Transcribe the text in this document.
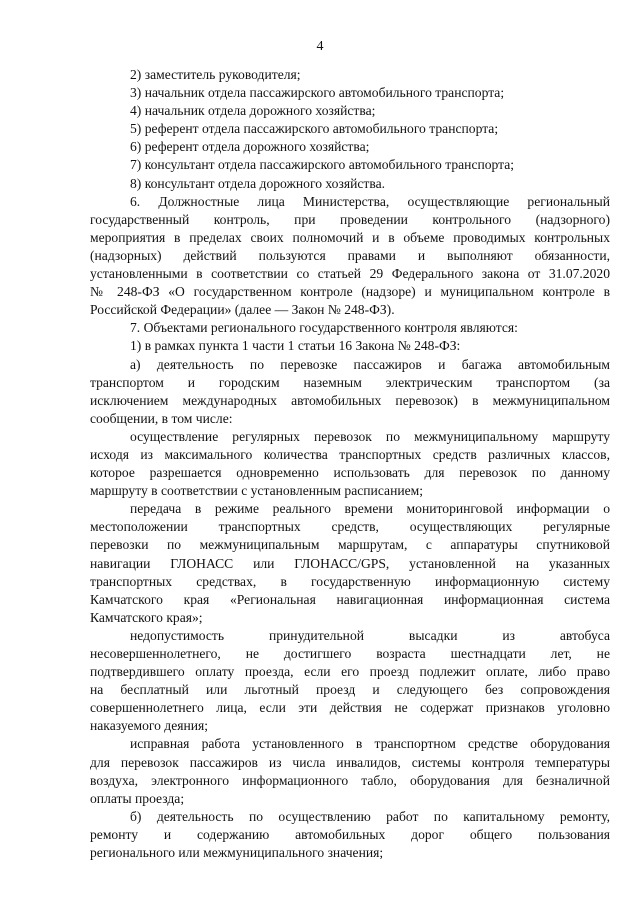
4
2) заместитель руководителя;
3) начальник отдела пассажирского автомобильного транспорта;
4) начальник отдела дорожного хозяйства;
5) референт отдела пассажирского автомобильного транспорта;
6) референт отдела дорожного хозяйства;
7) консультант отдела пассажирского автомобильного транспорта;
8) консультант отдела дорожного хозяйства.
6. Должностные лица Министерства, осуществляющие региональный
государственный контроль, при проведении контрольного (надзорного)
мероприятия в пределах своих полномочий и в объеме проводимых контрольных
(надзорных) действий пользуются правами и выполняют обязанности,
установленными в соответствии со статьей 29 Федерального закона от 31.07.2020
№ 248-ФЗ «О государственном контроле (надзоре) и муниципальном контроле в
Российской Федерации» (далее — Закон № 248-ФЗ).
7. Объектами регионального государственного контроля являются:
1) в рамках пункта 1 части 1 статьи 16 Закона № 248-ФЗ:
а) деятельность по перевозке пассажиров и багажа автомобильным
транспортом и городским наземным электрическим транспортом (за
исключением международных автомобильных перевозок) в межмуниципальном
сообщении, в том числе:
осуществление регулярных перевозок по межмуниципальному маршруту
исходя из максимального количества транспортных средств различных классов,
которое разрешается одновременно использовать для перевозок по данному
маршруту в соответствии с установленным расписанием;
передача в режиме реального времени мониторинговой информации о
местоположении транспортных средств, осуществляющих регулярные
перевозки по межмуниципальным маршрутам, с аппаратуры спутниковой
навигации ГЛОНАСС или ГЛОНАСС/GPS, установленной на указанных
транспортных средствах, в государственную информационную систему
Камчатского края «Региональная навигационная информационная система
Камчатского края»;
недопустимость принудительной высадки из автобуса
несовершеннолетнего, не достигшего возраста шестнадцати лет, не
подтвердившего оплату проезда, если его проезд подлежит оплате, либо право
на бесплатный или льготный проезд и следующего без сопровождения
совершеннолетнего лица, если эти действия не содержат признаков уголовно
наказуемого деяния;
исправная работа установленного в транспортном средстве оборудования
для перевозок пассажиров из числа инвалидов, системы контроля температуры
воздуха, электронного информационного табло, оборудования для безналичной
оплаты проезда;
б) деятельность по осуществлению работ по капитальному ремонту,
ремонту и содержанию автомобильных дорог общего пользования
регионального или межмуниципального значения;
